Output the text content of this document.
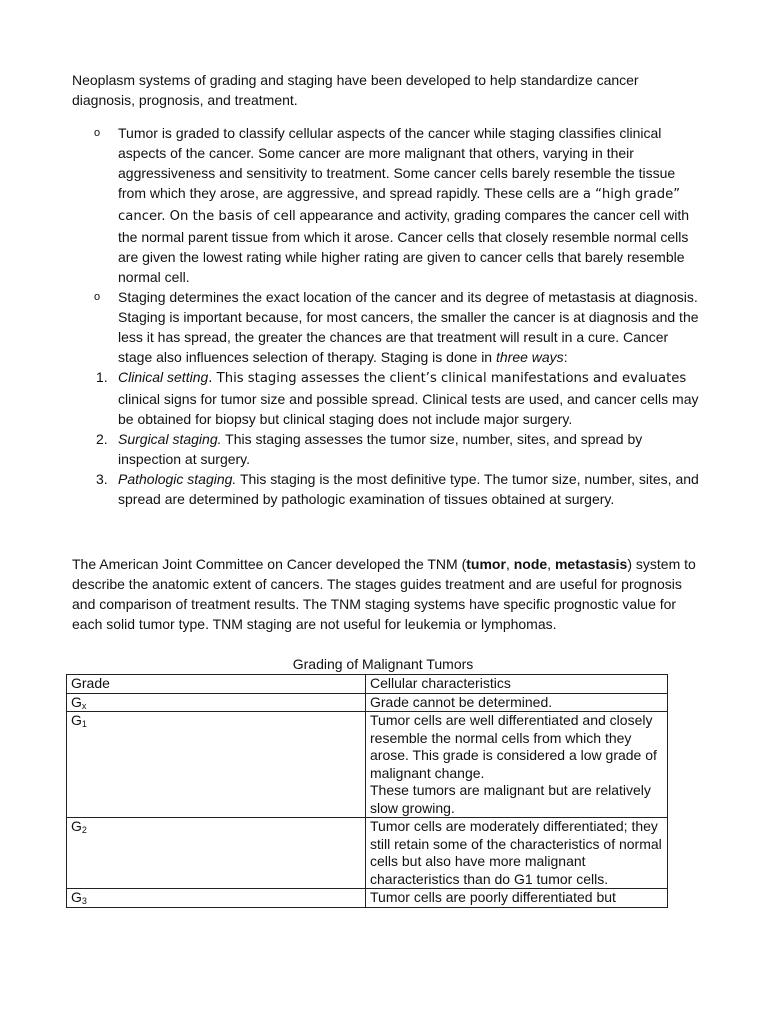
Neoplasm systems of grading and staging have been developed to help standardize cancer diagnosis, prognosis, and treatment.

o Tumor is graded to classify cellular aspects of the cancer while staging classifies clinical aspects of the cancer. Some cancer are more malignant that others, varying in their aggressiveness and sensitivity to treatment. Some cancer cells barely resemble the tissue from which they arose, are aggressive, and spread rapidly. These cells are a “high grade” cancer. On the basis of cell appearance and activity, grading compares the cancer cell with the normal parent tissue from which it arose. Cancer cells that closely resemble normal cells are given the lowest rating while higher rating are given to cancer cells that barely resemble normal cell.
o Staging determines the exact location of the cancer and its degree of metastasis at diagnosis. Staging is important because, for most cancers, the smaller the cancer is at diagnosis and the less it has spread, the greater the chances are that treatment will result in a cure. Cancer stage also influences selection of therapy. Staging is done in three ways:
1. Clinical setting. This staging assesses the client’s clinical manifestations and evaluates clinical signs for tumor size and possible spread. Clinical tests are used, and cancer cells may be obtained for biopsy but clinical staging does not include major surgery.
2. Surgical staging. This staging assesses the tumor size, number, sites, and spread by inspection at surgery.
3. Pathologic staging. This staging is the most definitive type. The tumor size, number, sites, and spread are determined by pathologic examination of tissues obtained at surgery.

The American Joint Committee on Cancer developed the TNM (tumor, node, metastasis) system to describe the anatomic extent of cancers. The stages guides treatment and are useful for prognosis and comparison of treatment results. The TNM staging systems have specific prognostic value for each solid tumor type. TNM staging are not useful for leukemia or lymphomas.

Grading of Malignant Tumors
Grade	Cellular characteristics
$G_x$	Grade cannot be determined.
$G_1$	Tumor cells are well differentiated and closely resemble the normal cells from which they arose. This grade is considered a low grade of malignant change.
These tumors are malignant but are relatively slow growing.
$G_2$	Tumor cells are moderately differentiated; they still retain some of the characteristics of normal cells but also have more malignant characteristics than do G1 tumor cells.
$G_3$	Tumor cells are poorly differentiated but
